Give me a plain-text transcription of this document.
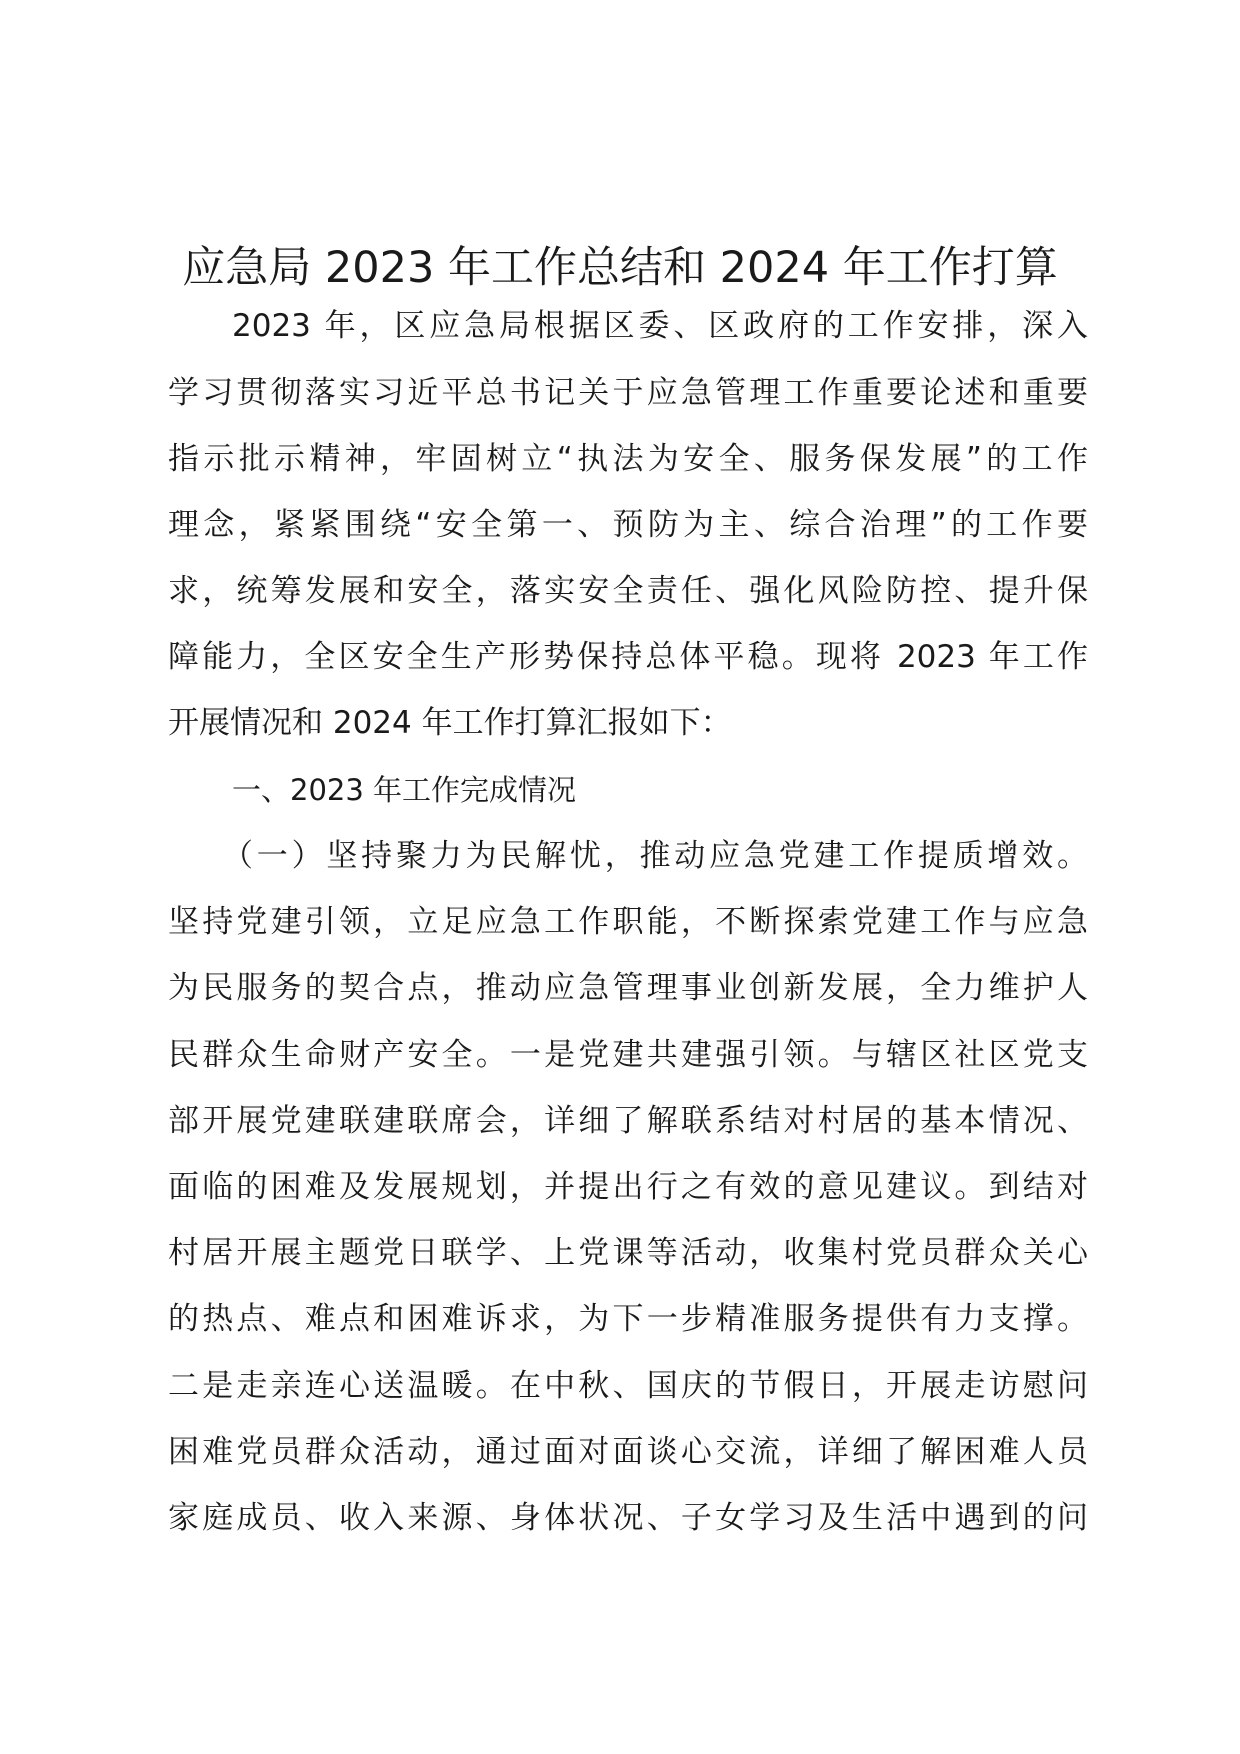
应急局 2023 年工作总结和 2024 年工作打算
2023 年，区应急局根据区委、区政府的工作安排，深入
学习贯彻落实习近平总书记关于应急管理工作重要论述和重要
指示批示精神，牢固树立“执法为安全、服务保发展”的工作
理念，紧紧围绕“安全第一、预防为主、综合治理”的工作要
求，统筹发展和安全，落实安全责任、强化风险防控、提升保
障能力，全区安全生产形势保持总体平稳。现将 2023 年工作
开展情况和 2024 年工作打算汇报如下：
一、2023 年工作完成情况
（一）坚持聚力为民解忧，推动应急党建工作提质增效。
坚持党建引领，立足应急工作职能，不断探索党建工作与应急
为民服务的契合点，推动应急管理事业创新发展，全力维护人
民群众生命财产安全。一是党建共建强引领。与辖区社区党支
部开展党建联建联席会，详细了解联系结对村居的基本情况、
面临的困难及发展规划，并提出行之有效的意见建议。到结对
村居开展主题党日联学、上党课等活动，收集村党员群众关心
的热点、难点和困难诉求，为下一步精准服务提供有力支撑。
二是走亲连心送温暖。在中秋、国庆的节假日，开展走访慰问
困难党员群众活动，通过面对面谈心交流，详细了解困难人员
家庭成员、收入来源、身体状况、子女学习及生活中遇到的问
